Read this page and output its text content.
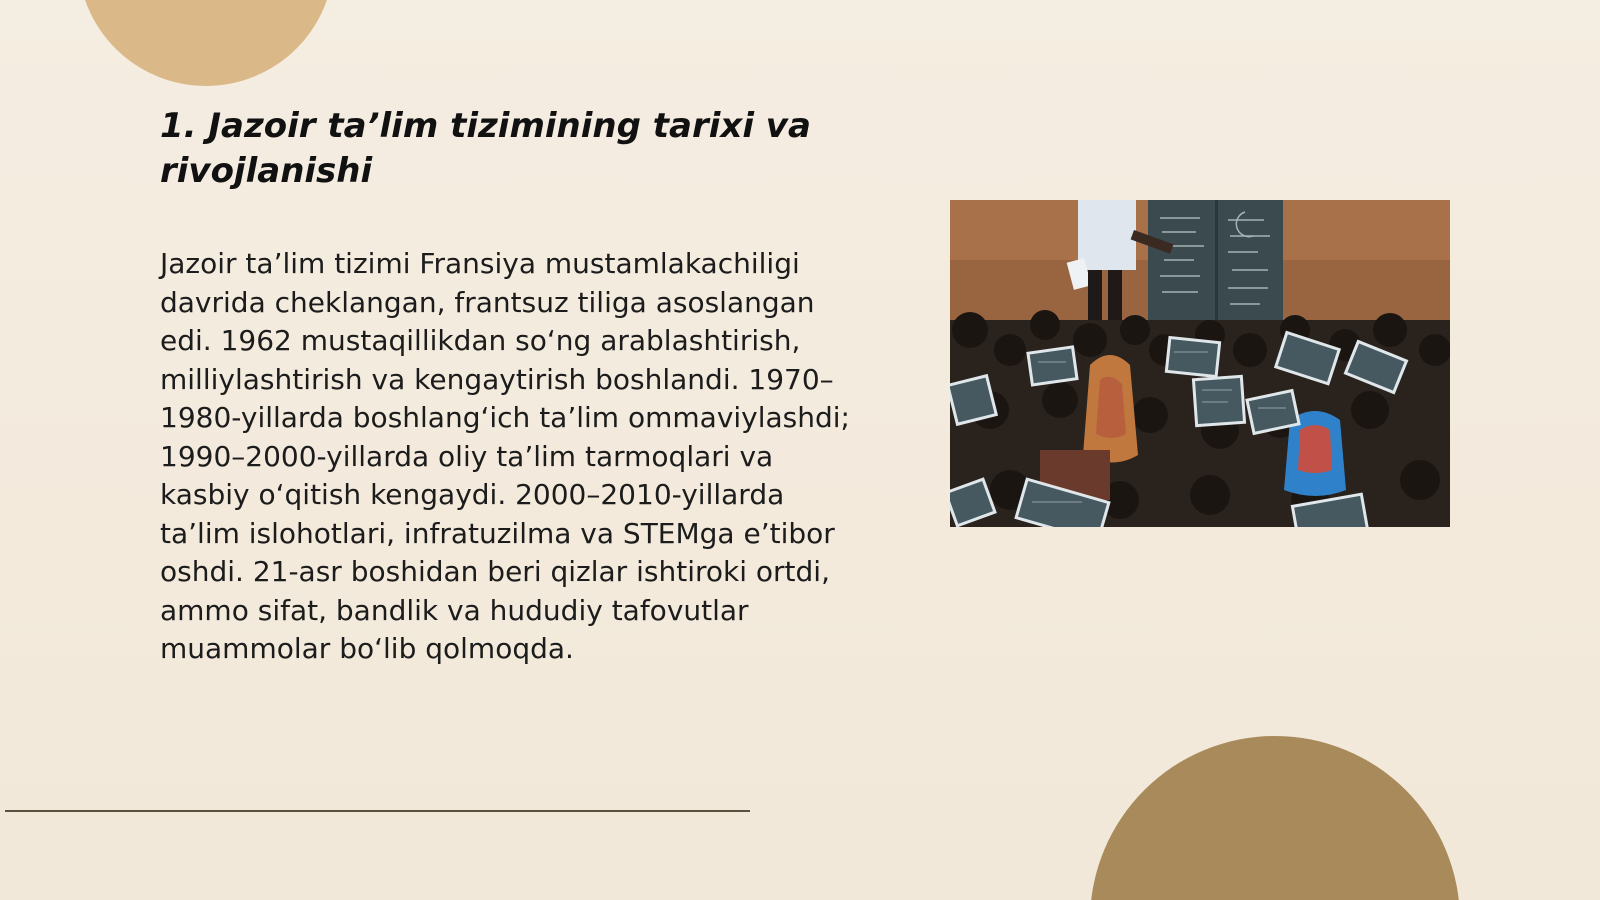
1. Jazoir ta’lim tizimining tarixi va rivojlanishi

Jazoir ta’lim tizimi Fransiya mustamlakachiligi davrida cheklangan, frantsuz tiliga asoslangan edi. 1962 mustaqillikdan so‘ng arablashtirish, milliylashtirish va kengaytirish boshlandi. 1970–1980-yillarda boshlang‘ich ta’lim ommaviylashdi; 1990–2000-yillarda oliy ta’lim tarmoqlari va kasbiy o‘qitish kengaydi. 2000–2010-yillarda ta’lim islohotlari, infratuzilma va STEMga e’tibor oshdi. 21-asr boshidan beri qizlar ishtiroki ortdi, ammo sifat, bandlik va hududiy tafovutlar muammolar bo‘lib qolmoqda.
